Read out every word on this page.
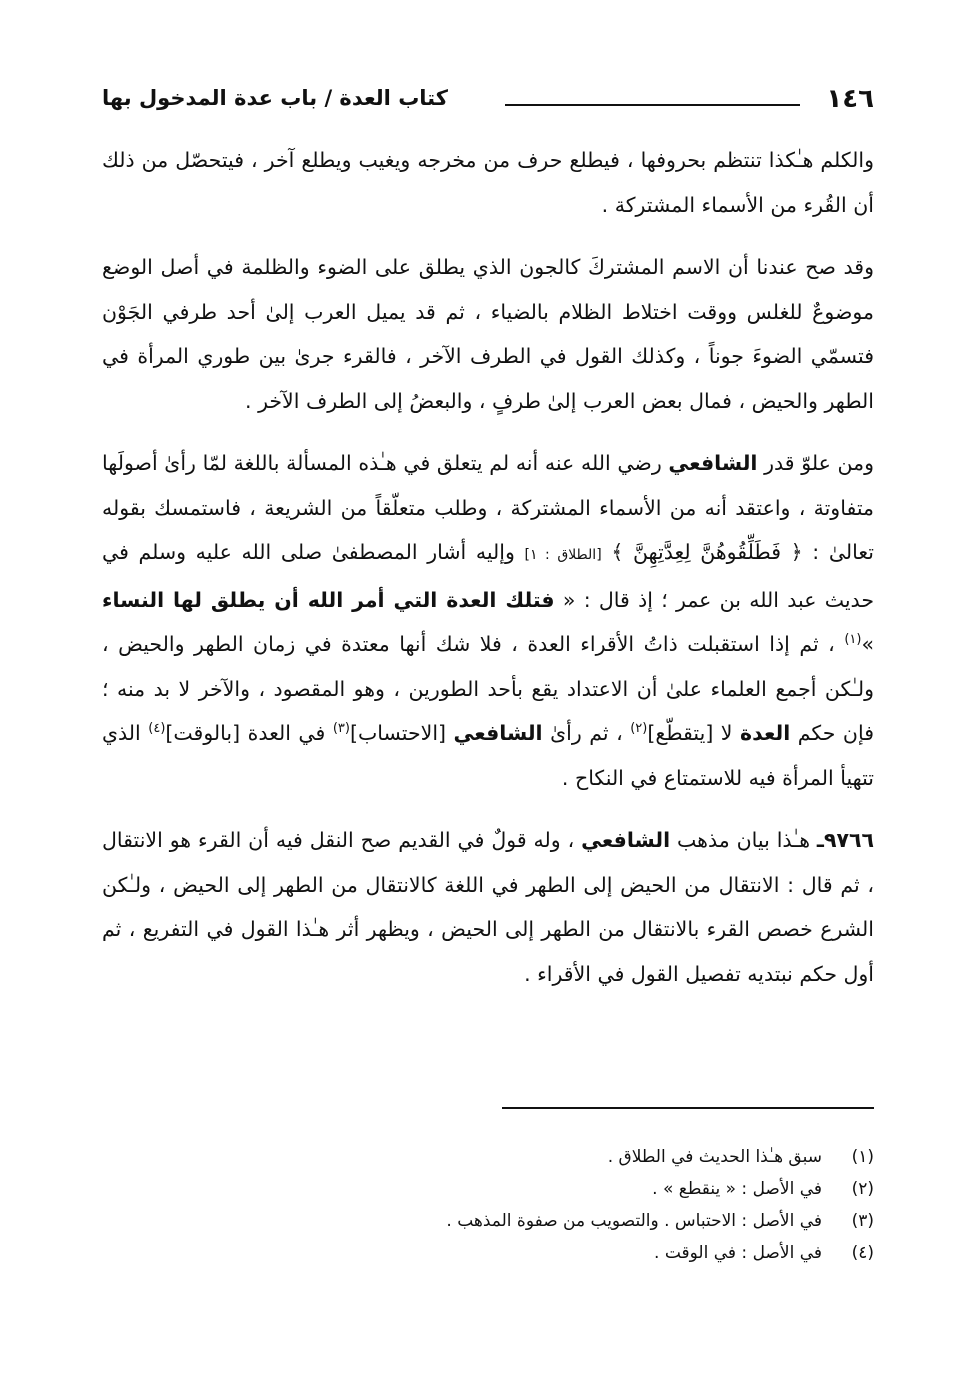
١٤٦
كتاب العدة / باب عدة المدخول بها

والكلم هـٰكذا تنتظم بحروفها ، فيطلع حرف من مخرجه ويغيب ويطلع آخر ، فيتحصّل من ذلك أن القُرء من الأسماء المشتركة .

وقد صح عندنا أن الاسم المشتركَ كالجون الذي يطلق على الضوء والظلمة في أصل الوضع موضوعٌ للغلس ووقت اختلاط الظلام بالضياء ، ثم قد يميل العرب إلىٰ أحد طرفي الجَوْن فتسمّي الضوءَ جوناً ، وكذلك القول في الطرف الآخر ، فالقرء جرىٰ بين طوري المرأة في الطهر والحيض ، فمال بعض العرب إلىٰ طرفٍ ، والبعضُ إلى الطرف الآخر .

ومن علوّ قدر الشافعي رضي الله عنه أنه لم يتعلق في هـٰذه المسألة باللغة لمّا رأىٰ أصولَها متفاوتة ، واعتقد أنه من الأسماء المشتركة ، وطلب متعلّقاً من الشريعة ، فاستمسك بقوله تعالىٰ : ﴿ فَطَلِّقُوهُنَّ لِعِدَّتِهِنَّ ﴾ [الطلاق : ١] وإليه أشار المصطفىٰ صلى الله عليه وسلم في حديث عبد الله بن عمر ؛ إذ قال : « فتلك العدة التي أمر الله أن يطلق لها النساء »$^{(١)}$ ، ثم إذا استقبلت ذاتُ الأقراء العدة ، فلا شك أنها معتدة في زمان الطهر والحيض ، ولـٰكن أجمع العلماء علىٰ أن الاعتداد يقع بأحد الطورين ، وهو المقصود ، والآخر لا بد منه ؛ فإن حكم العدة لا [يتقطّع]$^{(٢)}$ ، ثم رأىٰ الشافعي [الاحتساب]$^{(٣)}$ في العدة [بالوقت]$^{(٤)}$ الذي تتهيأ المرأة فيه للاستمتاع في النكاح .

٩٧٦٦ـ هـٰذا بيان مذهب الشافعي ، وله قولٌ في القديم صح النقل فيه أن القرء هو الانتقال ، ثم قال : الانتقال من الحيض إلى الطهر في اللغة كالانتقال من الطهر إلى الحيض ، ولـٰكن الشرع خصص القرء بالانتقال من الطهر إلى الحيض ، ويظهر أثر هـٰذا القول في التفريع ، ثم أول حكم نبتديه تفصيل القول في الأقراء .

(١)سبق هـٰذا الحديث في الطلاق .
(٢)في الأصل : « ينقطع » .
(٣)في الأصل : الاحتباس . والتصويب من صفوة المذهب .
(٤)في الأصل : في الوقت .
